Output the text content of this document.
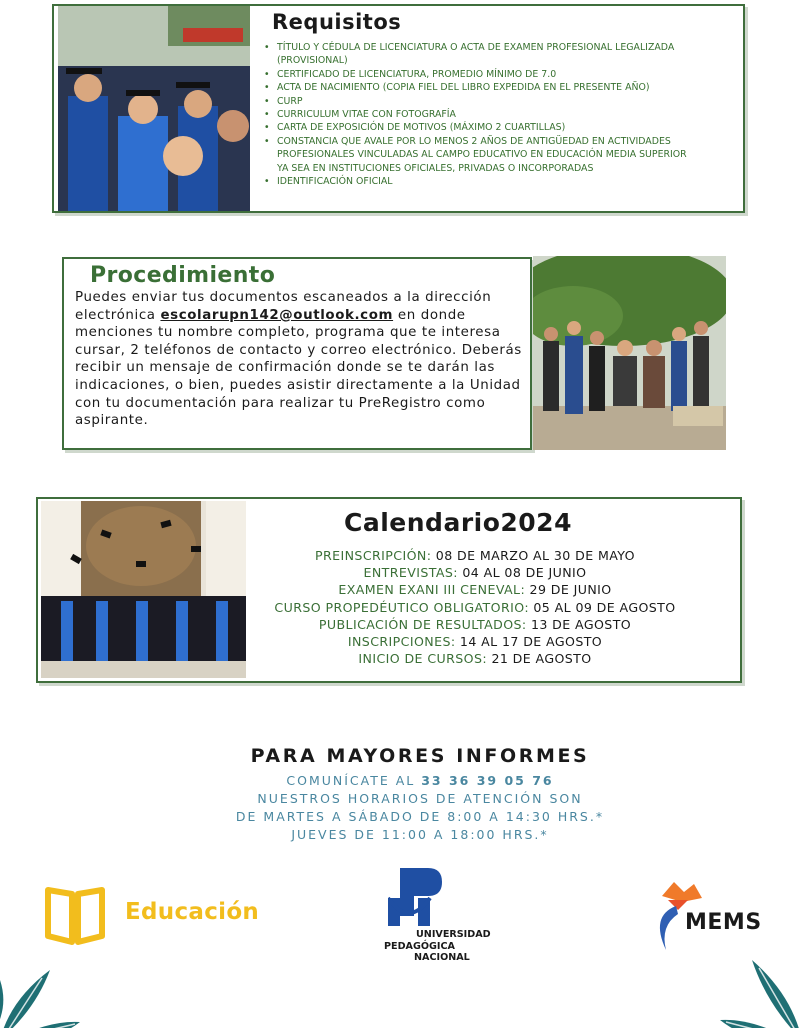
Requisitos
• TÍTULO Y CÉDULA DE LICENCIATURA O ACTA DE EXAMEN PROFESIONAL LEGALIZADA (PROVISIONAL)
• CERTIFICADO DE LICENCIATURA, PROMEDIO MÍNIMO DE 7.0
• ACTA DE NACIMIENTO (COPIA FIEL DEL LIBRO EXPEDIDA EN EL PRESENTE AÑO)
• CURP
• CURRICULUM VITAE CON FOTOGRAFÍA
• CARTA DE EXPOSICIÓN DE MOTIVOS (MÁXIMO 2 CUARTILLAS)
• CONSTANCIA QUE AVALE POR LO MENOS 2 AÑOS DE ANTIGÜEDAD EN ACTIVIDADES PROFESIONALES VINCULADAS AL CAMPO EDUCATIVO EN EDUCACIÓN MEDIA SUPERIOR YA SEA EN INSTITUCIONES OFICIALES, PRIVADAS O INCORPORADAS
• IDENTIFICACIÓN OFICIAL
Procedimiento

Puedes enviar tus documentos escaneados a la dirección electrónica escolarupn142@outlook.com en donde menciones tu nombre completo, programa que te interesa cursar, 2 teléfonos de contacto y correo electrónico. Deberás recibir un mensaje de confirmación donde se te darán las indicaciones, o bien, puedes asistir directamente a la Unidad con tu documentación para realizar tu PreRegistro como aspirante.

Calendario2024
PREINSCRIPCIÓN: 08 DE MARZO AL 30 DE MAYO
ENTREVISTAS: 04 AL 08 DE JUNIO
EXAMEN EXANI III CENEVAL: 29 DE JUNIO
CURSO PROPEDÉUTICO OBLIGATORIO: 05 AL 09 DE AGOSTO
PUBLICACIÓN DE RESULTADOS: 13 DE AGOSTO
INSCRIPCIONES: 14 AL 17 DE AGOSTO
INICIO DE CURSOS: 21 DE AGOSTO
PARA MAYORES INFORMES
COMUNÍCATE AL 33 36 39 05 76
NUESTROS HORARIOS DE ATENCIÓN SON
DE MARTES A SÁBADO DE 8:00 A 14:30 HRS.*
JUEVES DE 11:00 A 18:00 HRS.*
Educación
UNIVERSIDAD
PEDAGÓGICA
NACIONAL
MEMS
